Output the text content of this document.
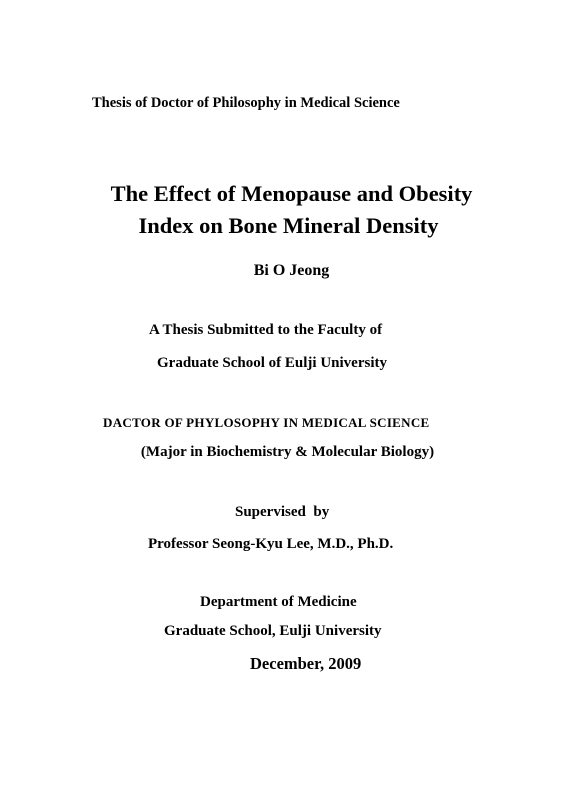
Thesis of Doctor of Philosophy in Medical Science
The Effect of Menopause and Obesity
Index on Bone Mineral Density
Bi O Jeong
A Thesis Submitted to the Faculty of
Graduate School of Eulji University
DACTOR OF PHYLOSOPHY IN MEDICAL SCIENCE
(Major in Biochemistry & Molecular Biology)
Supervised  by
Professor Seong-Kyu Lee, M.D., Ph.D.
Department of Medicine
Graduate School, Eulji University
December, 2009
